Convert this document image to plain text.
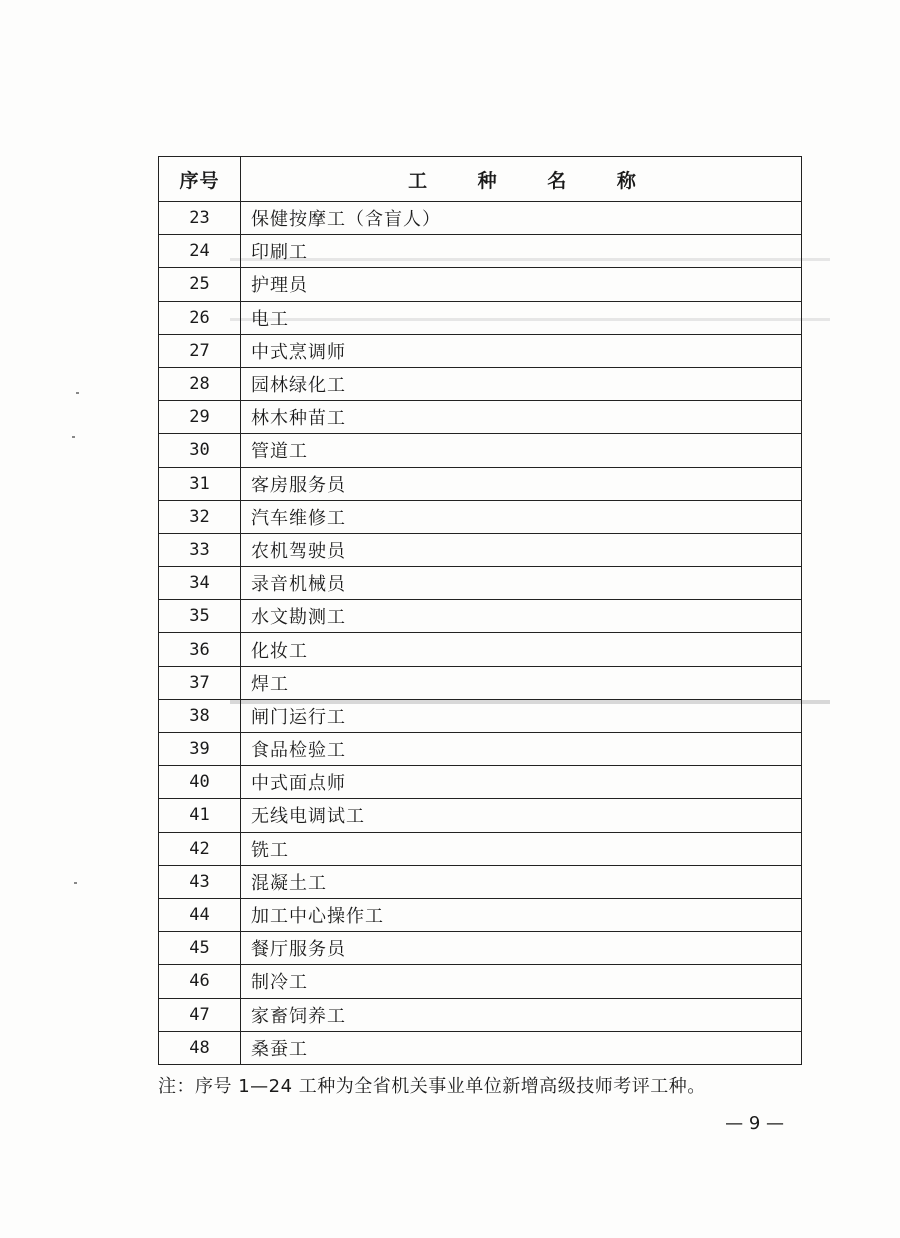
序号	工 种 名 称
23	保健按摩工（含盲人）
24	印刷工
25	护理员
26	电工
27	中式烹调师
28	园林绿化工
29	林木种苗工
30	管道工
31	客房服务员
32	汽车维修工
33	农机驾驶员
34	录音机械员
35	水文勘测工
36	化妆工
37	焊工
38	闸门运行工
39	食品检验工
40	中式面点师
41	无线电调试工
42	铣工
43	混凝土工
44	加工中心操作工
45	餐厅服务员
46	制冷工
47	家畜饲养工
48	桑蚕工
注：序号 1—24 工种为全省机关事业单位新增高级技师考评工种。
— 9 —
